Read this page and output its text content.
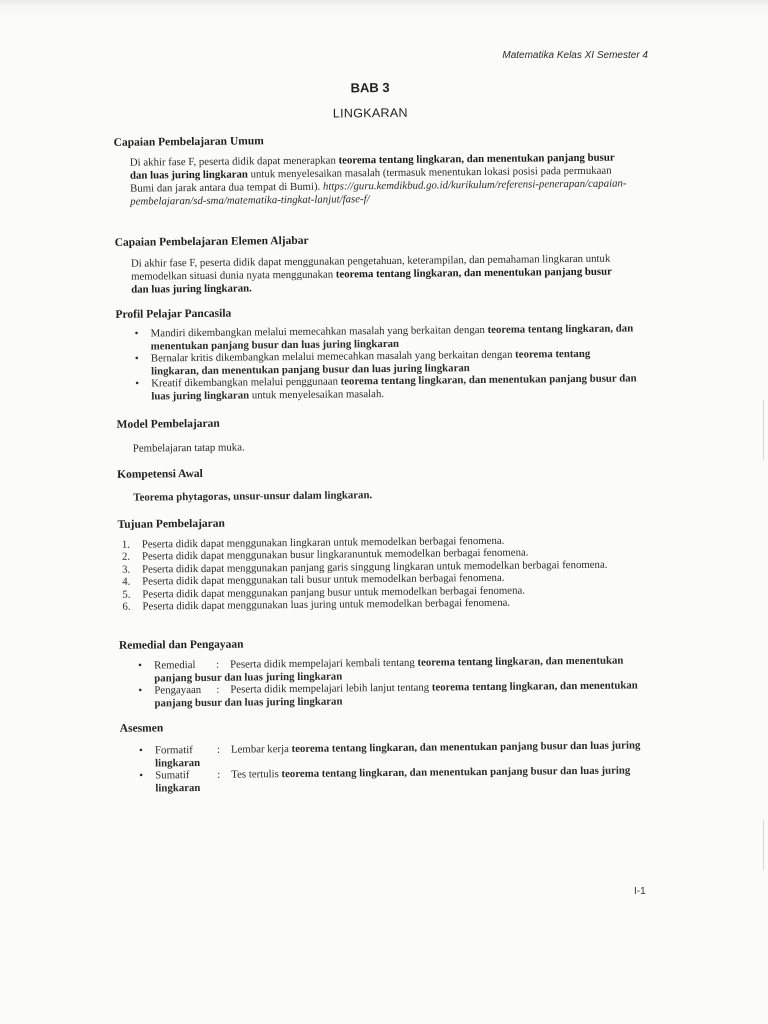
Matematika Kelas XI Semester 4
BAB 3
LINGKARAN
Capaian Pembelajaran Umum
Di akhir fase F, peserta didik dapat menerapkan teorema tentang lingkaran, dan menentukan panjang busur dan luas juring lingkaran untuk menyelesaikan masalah (termasuk menentukan lokasi posisi pada permukaan Bumi dan jarak antara dua tempat di Bumi). https://guru.kemdikbud.go.id/kurikulum/referensi-penerapan/capaian-pembelajaran/sd-sma/matematika-tingkat-lanjut/fase-f/
Capaian Pembelajaran Elemen Aljabar
Di akhir fase F, peserta didik dapat menggunakan pengetahuan, keterampilan, dan pemahaman lingkaran untuk memodelkan situasi dunia nyata menggunakan teorema tentang lingkaran, dan menentukan panjang busur dan luas juring lingkaran.
Profil Pelajar Pancasila
• Mandiri dikembangkan melalui memecahkan masalah yang berkaitan dengan teorema tentang lingkaran, dan menentukan panjang busur dan luas juring lingkaran
• Bernalar kritis dikembangkan melalui memecahkan masalah yang berkaitan dengan teorema tentang lingkaran, dan menentukan panjang busur dan luas juring lingkaran
• Kreatif dikembangkan melalui penggunaan teorema tentang lingkaran, dan menentukan panjang busur dan luas juring lingkaran untuk menyelesaikan masalah.
Model Pembelajaran
Pembelajaran tatap muka.
Kompetensi Awal
Teorema phytagoras, unsur-unsur dalam lingkaran.
Tujuan Pembelajaran
1. Peserta didik dapat menggunakan lingkaran untuk memodelkan berbagai fenomena.
2. Peserta didik dapat menggunakan busur lingkaranuntuk memodelkan berbagai fenomena.
3. Peserta didik dapat menggunakan panjang garis singgung lingkaran untuk memodelkan berbagai fenomena.
4. Peserta didik dapat menggunakan tali busur untuk memodelkan berbagai fenomena.
5. Peserta didik dapat menggunakan panjang busur untuk memodelkan berbagai fenomena.
6. Peserta didik dapat menggunakan luas juring untuk memodelkan berbagai fenomena.
Remedial dan Pengayaan
• Remedial : Peserta didik mempelajari kembali tentang teorema tentang lingkaran, dan menentukan panjang busur dan luas juring lingkaran
• Pengayaan : Peserta didik mempelajari lebih lanjut tentang teorema tentang lingkaran, dan menentukan panjang busur dan luas juring lingkaran
Asesmen
• Formatif : Lembar kerja teorema tentang lingkaran, dan menentukan panjang busur dan luas juring lingkaran
• Sumatif	: Tes tertulis teorema tentang lingkaran, dan menentukan panjang busur dan luas juring lingkaran
I-1
